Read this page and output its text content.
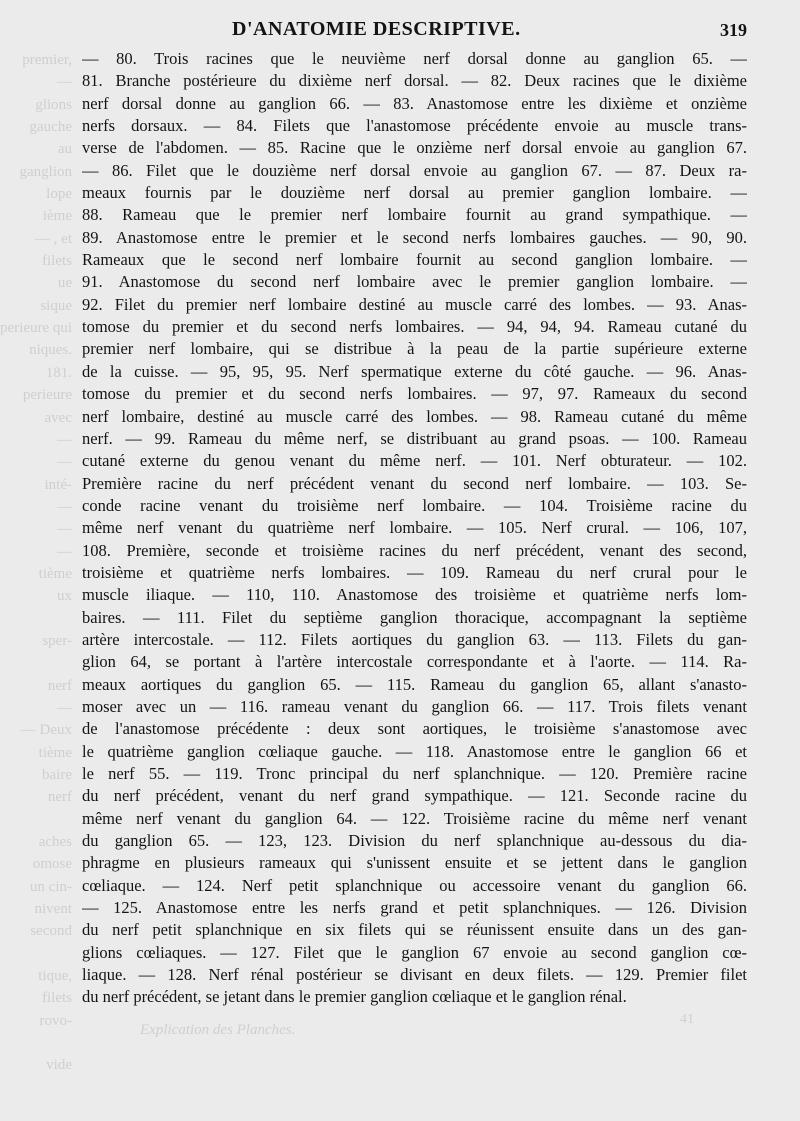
premier,
—
glions
gauche
au
ganglion
lope
ième
— , et
filets
ue
sique
perieure qui
niques.
181.
perieure
avec
—
—
inté-
—
—
—
tième
ux
sper-
nerf
—
— Deux
tième
baire
nerf
aches
omose
un cin-
nivent
second
tique,
filets
rovo-
vide
D'ANATOMIE DESCRIPTIVE.	319
— 80. Trois racines que le neuvième nerf dorsal donne au ganglion 65. —
81. Branche postérieure du dixième nerf dorsal. — 82. Deux racines que le dixième
nerf dorsal donne au ganglion 66. — 83. Anastomose entre les dixième et onzième
nerfs dorsaux. — 84. Filets que l'anastomose précédente envoie au muscle trans-
verse de l'abdomen. — 85. Racine que le onzième nerf dorsal envoie au ganglion 67.
— 86. Filet que le douzième nerf dorsal envoie au ganglion 67. — 87. Deux ra-
meaux fournis par le douzième nerf dorsal au premier ganglion lombaire. —
88. Rameau que le premier nerf lombaire fournit au grand sympathique. —
89. Anastomose entre le premier et le second nerfs lombaires gauches. — 90, 90.
Rameaux que le second nerf lombaire fournit au second ganglion lombaire. —
91. Anastomose du second nerf lombaire avec le premier ganglion lombaire. —
92. Filet du premier nerf lombaire destiné au muscle carré des lombes. — 93. Anas-
tomose du premier et du second nerfs lombaires. — 94, 94, 94. Rameau cutané du
premier nerf lombaire, qui se distribue à la peau de la partie supérieure externe
de la cuisse. — 95, 95, 95. Nerf spermatique externe du côté gauche. — 96. Anas-
tomose du premier et du second nerfs lombaires. — 97, 97. Rameaux du second
nerf lombaire, destiné au muscle carré des lombes. — 98. Rameau cutané du même
nerf. — 99. Rameau du même nerf, se distribuant au grand psoas. — 100. Rameau
cutané externe du genou venant du même nerf. — 101. Nerf obturateur. — 102.
Première racine du nerf précédent venant du second nerf lombaire. — 103. Se-
conde racine venant du troisième nerf lombaire. — 104. Troisième racine du
même nerf venant du quatrième nerf lombaire. — 105. Nerf crural. — 106, 107,
108. Première, seconde et troisième racines du nerf précédent, venant des second,
troisième et quatrième nerfs lombaires. — 109. Rameau du nerf crural pour le
muscle iliaque. — 110, 110. Anastomose des troisième et quatrième nerfs lom-
baires. — 111. Filet du septième ganglion thoracique, accompagnant la septième
artère intercostale. — 112. Filets aortiques du ganglion 63. — 113. Filets du gan-
glion 64, se portant à l'artère intercostale correspondante et à l'aorte. — 114. Ra-
meaux aortiques du ganglion 65. — 115. Rameau du ganglion 65, allant s'anasto-
moser avec un — 116. rameau venant du ganglion 66. — 117. Trois filets venant
de l'anastomose précédente : deux sont aortiques, le troisième s'anastomose avec
le quatrième ganglion cœliaque gauche. — 118. Anastomose entre le ganglion 66 et
le nerf 55. — 119. Tronc principal du nerf splanchnique. — 120. Première racine
du nerf précédent, venant du nerf grand sympathique. — 121. Seconde racine du
même nerf venant du ganglion 64. — 122. Troisième racine du même nerf venant
du ganglion 65. — 123, 123. Division du nerf splanchnique au-dessous du dia-
phragme en plusieurs rameaux qui s'unissent ensuite et se jettent dans le ganglion
cœliaque. — 124. Nerf petit splanchnique ou accessoire venant du ganglion 66.
— 125. Anastomose entre les nerfs grand et petit splanchniques. — 126. Division
du nerf petit splanchnique en six filets qui se réunissent ensuite dans un des gan-
glions cœliaques. — 127. Filet que le ganglion 67 envoie au second ganglion cœ-
liaque. — 128. Nerf rénal postérieur se divisant en deux filets. — 129. Premier filet
du nerf précédent, se jetant dans le premier ganglion cœliaque et le ganglion rénal.
Explication des Planches.
41
